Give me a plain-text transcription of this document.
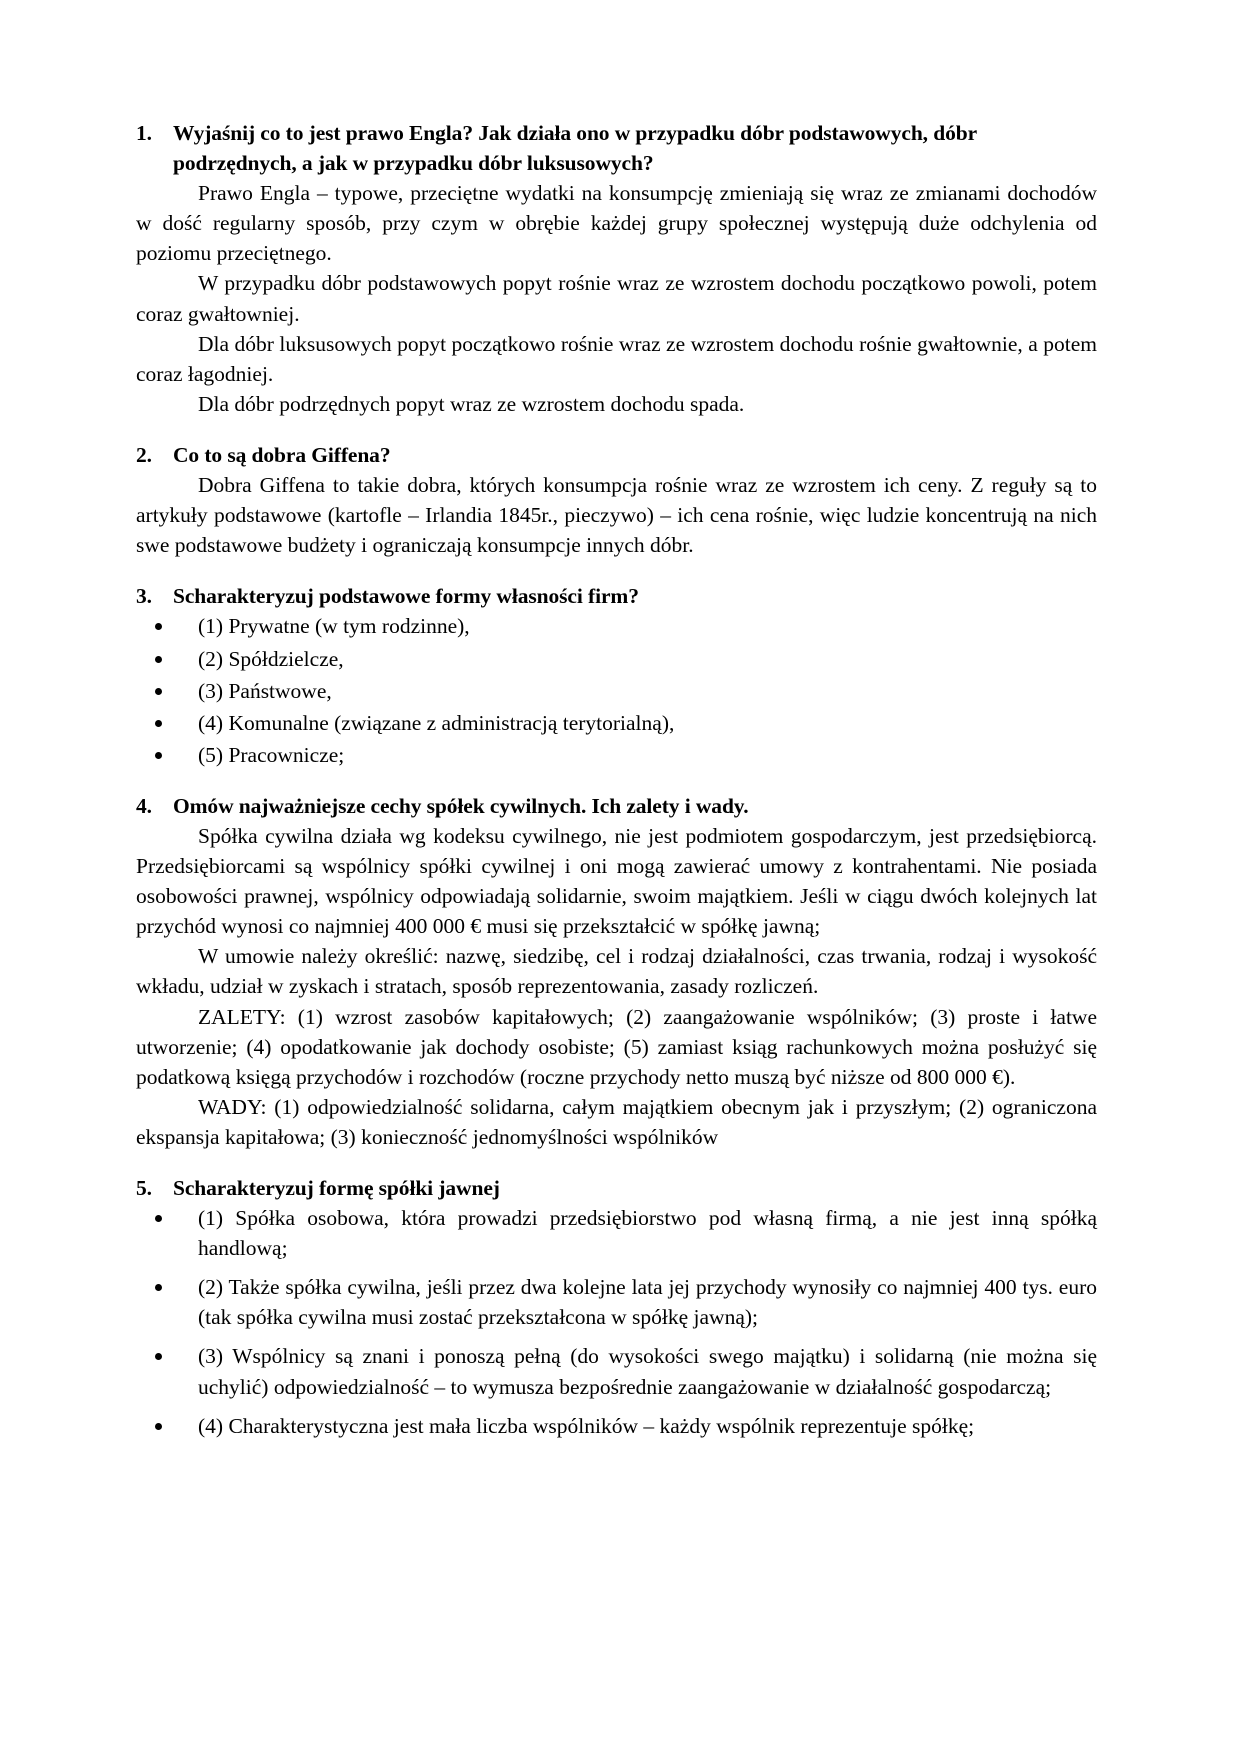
1. Wyjaśnij co to jest prawo Engla? Jak działa ono w przypadku dóbr podstawowych, dóbr podrzędnych, a jak w przypadku dóbr luksusowych?

Prawo Engla – typowe, przeciętne wydatki na konsumpcję zmieniają się wraz ze zmianami dochodów w dość regularny sposób, przy czym w obrębie każdej grupy społecznej występują duże odchylenia od poziomu przeciętnego.

W przypadku dóbr podstawowych popyt rośnie wraz ze wzrostem dochodu początkowo powoli, potem coraz gwałtowniej.

Dla dóbr luksusowych popyt początkowo rośnie wraz ze wzrostem dochodu rośnie gwałtownie, a potem coraz łagodniej.

Dla dóbr podrzędnych popyt wraz ze wzrostem dochodu spada.

2. Co to są dobra Giffena?

Dobra Giffena to takie dobra, których konsumpcja rośnie wraz ze wzrostem ich ceny. Z reguły są to artykuły podstawowe (kartofle – Irlandia 1845r., pieczywo) – ich cena rośnie, więc ludzie koncentrują na nich swe podstawowe budżety i ograniczają konsumpcje innych dóbr.

3. Scharakteryzuj podstawowe formy własności firm?
(1) Prywatne (w tym rodzinne),
(2) Spółdzielcze,
(3) Państwowe,
(4) Komunalne (związane z administracją terytorialną),
(5) Pracownicze;
4. Omów najważniejsze cechy spółek cywilnych. Ich zalety i wady.

Spółka cywilna działa wg kodeksu cywilnego, nie jest podmiotem gospodarczym, jest przedsiębiorcą. Przedsiębiorcami są wspólnicy spółki cywilnej i oni mogą zawierać umowy z kontrahentami. Nie posiada osobowości prawnej, wspólnicy odpowiadają solidarnie, swoim majątkiem. Jeśli w ciągu dwóch kolejnych lat przychód wynosi co najmniej 400 000 € musi się przekształcić w spółkę jawną;

W umowie należy określić: nazwę, siedzibę, cel i rodzaj działalności, czas trwania, rodzaj i wysokość wkładu, udział w zyskach i stratach, sposób reprezentowania, zasady rozliczeń.

ZALETY: (1) wzrost zasobów kapitałowych; (2) zaangażowanie wspólników; (3) proste i łatwe utworzenie; (4) opodatkowanie jak dochody osobiste; (5) zamiast ksiąg rachunkowych można posłużyć się podatkową księgą przychodów i rozchodów (roczne przychody netto muszą być niższe od 800 000 €).

WADY: (1) odpowiedzialność solidarna, całym majątkiem obecnym jak i przyszłym; (2) ograniczona ekspansja kapitałowa; (3) konieczność jednomyślności wspólników

5. Scharakteryzuj formę spółki jawnej
(1) Spółka osobowa, która prowadzi przedsiębiorstwo pod własną firmą, a nie jest inną spółką handlową;
(2) Także spółka cywilna, jeśli przez dwa kolejne lata jej przychody wynosiły co najmniej 400 tys. euro (tak spółka cywilna musi zostać przekształcona w spółkę jawną);
(3) Wspólnicy są znani i ponoszą pełną (do wysokości swego majątku) i solidarną (nie można się uchylić) odpowiedzialność – to wymusza bezpośrednie zaangażowanie w działalność gospodarczą;
(4) Charakterystyczna jest mała liczba wspólników – każdy wspólnik reprezentuje spółkę;
